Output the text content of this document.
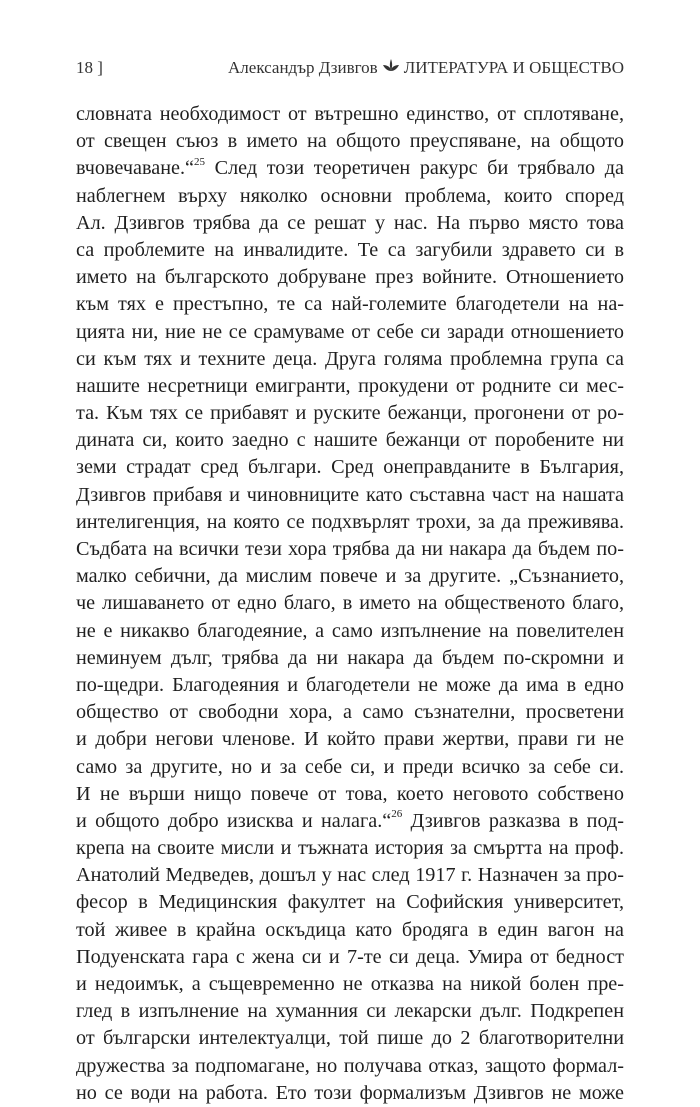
18 ]	Александър Дзивгов ЛИТЕРАТУРА И ОБЩЕСТВО
словната необходимост от вътрешно единство, от сплотяване,
от свещен съюз в името на общото преуспяване, на общото
вчовечаване.“$^{25}$ След този теоретичен ракурс би трябвало да
наблегнем върху няколко основни проблема, които според
Ал. Дзивгов трябва да се решат у нас. На първо място това
са проблемите на инвалидите. Те са загубили здравето си в
името на българското добруване през войните. Отношението
към тях е престъпно, те са най-големите благодетели на на-
цията ни, ние не се срамуваме от себе си заради отношението
си към тях и техните деца. Друга голяма проблемна група са
нашите несретници емигранти, прокудени от родните си мес-
та. Към тях се прибавят и руските бежанци, прогонени от ро-
дината си, които заедно с нашите бежанци от поробените ни
земи страдат сред българи. Сред онеправданите в България,
Дзивгов прибавя и чиновниците като съставна част на нашата
интелигенция, на която се подхвърлят трохи, за да преживява.
Съдбата на всички тези хора трябва да ни накара да бъдем по-
малко себични, да мислим повече и за другите. „Съзнанието,
че лишаването от едно благо, в името на общественото благо,
не е никакво благодеяние, а само изпълнение на повелителен
неминуем дълг, трябва да ни накара да бъдем по-скромни и
по-щедри. Благодеяния и благодетели не може да има в едно
общество от свободни хора, а само съзнателни, просветени
и добри негови членове. И който прави жертви, прави ги не
само за другите, но и за себе си, и преди всичко за себе си.
И не върши нищо повече от това, което неговото собствено
и общото добро изисква и налага.“$^{26}$ Дзивгов разказва в под-
крепа на своите мисли и тъжната история за смъртта на проф.
Анатолий Медведев, дошъл у нас след 1917 г. Назначен за про-
фесор в Медицинския факултет на Софийския университет,
той живее в крайна оскъдица като бродяга в един вагон на
Подуенската гара с жена си и 7-те си деца. Умира от бедност
и недоимък, а същевременно не отказва на никой болен пре-
глед в изпълнение на хуманния си лекарски дълг. Подкрепен
от български интелектуалци, той пише до 2 благотворителни
дружества за подпомагане, но получава отказ, защото формал-
но се води на работа. Ето този формализъм Дзивгов не може
